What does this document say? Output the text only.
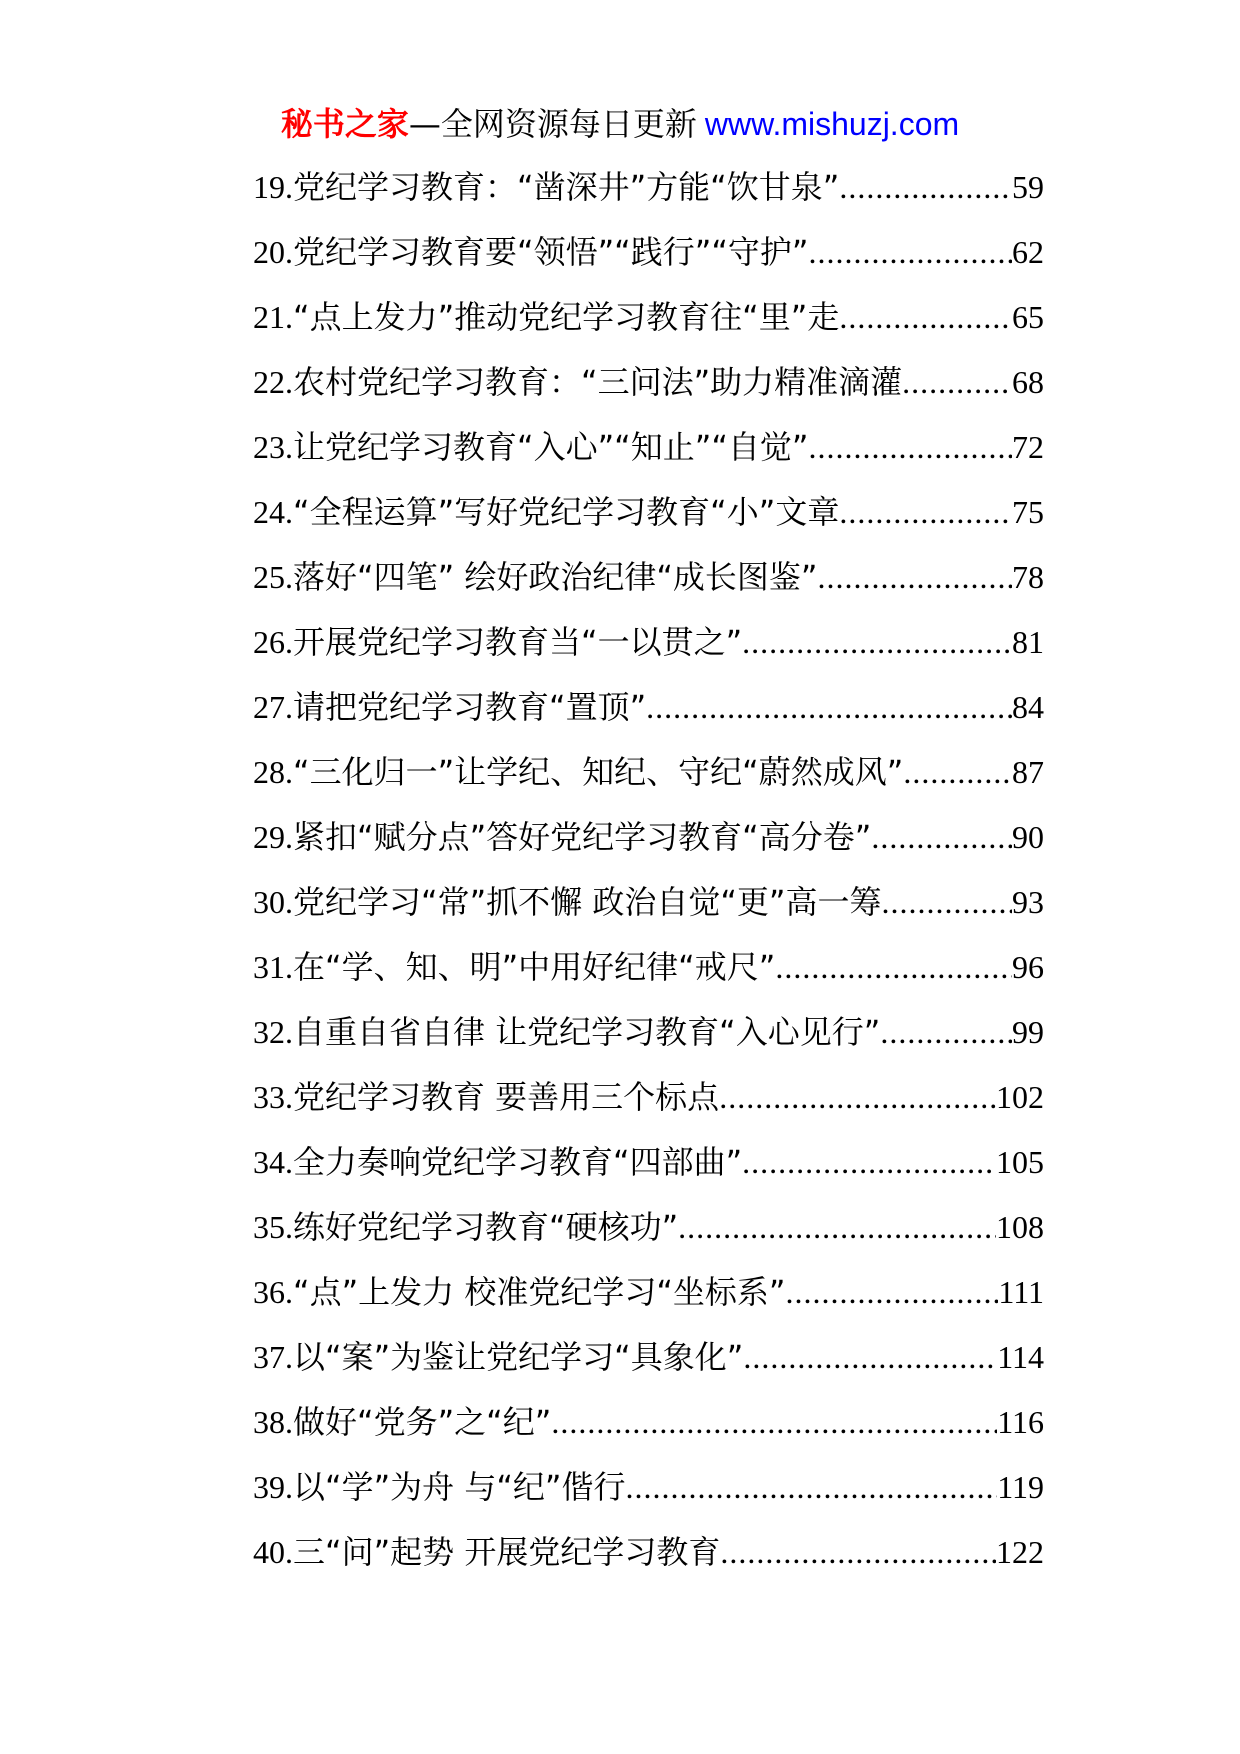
秘书之家—全网资源每日更新 www.mishuzj.com
19. 党纪学习教育：“凿深井”方能“饮甘泉” .....	59
20. 党纪学习教育要“领悟”“践行”“守护” .....	62
21. “点上发力”推动党纪学习教育往“里”走 .....	65
22. 农村党纪学习教育：“三问法”助力精准滴灌 .....	68
23. 让党纪学习教育“入心”“知止”“自觉” .....	72
24. “全程运算”写好党纪学习教育“小”文章 .....	75
25. 落好“四笔” 绘好政治纪律“成长图鉴” .....	78
26. 开展党纪学习教育当“一以贯之” .....	81
27. 请把党纪学习教育“置顶” .....	84
28. “三化归一”让学纪、知纪、守纪“蔚然成风” .....	87
29. 紧扣“赋分点”答好党纪学习教育“高分卷” .....	90
30. 党纪学习“常”抓不懈 政治自觉“更”高一筹 .....	93
31. 在“学、知、明”中用好纪律“戒尺” .....	96
32. 自重自省自律 让党纪学习教育“入心见行” .....	99
33. 党纪学习教育 要善用三个标点 .....	102
34. 全力奏响党纪学习教育“四部曲” .....	105
35. 练好党纪学习教育“硬核功” .....	108
36. “点”上发力 校准党纪学习“坐标系” .....	111
37. 以“案”为鉴让党纪学习“具象化” .....	114
38. 做好“党务”之“纪” .....	116
39. 以“学”为舟 与“纪”偕行 .....	119
40. 三“问”起势 开展党纪学习教育 .....	122
